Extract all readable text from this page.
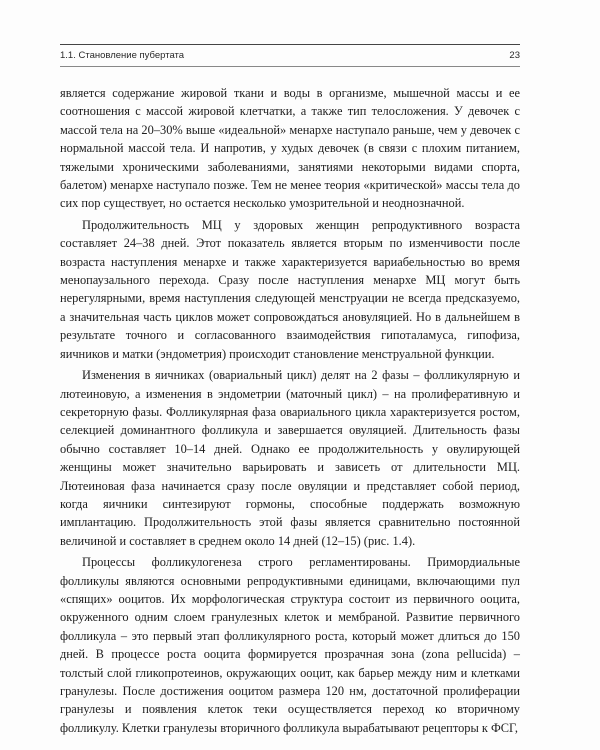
1.1. Становление пубертата	23

является содержание жировой ткани и воды в организме, мышечной массы и ее соотношения с массой жировой клетчатки, а также тип телосложения. У девочек с массой тела на 20–30% выше «идеальной» менархе наступало раньше, чем у девочек с нормальной массой тела. И напротив, у худых девочек (в связи с плохим питанием, тяжелыми хроническими заболеваниями, занятиями некоторыми видами спорта, балетом) менархе наступало позже. Тем не менее теория «критической» массы тела до сих пор существует, но остается несколько умозрительной и неоднозначной.

Продолжительность МЦ у здоровых женщин репродуктивного возраста составляет 24–38 дней. Этот показатель является вторым по изменчивости после возраста наступления менархе и также характеризуется вариабельностью во время менопаузального перехода. Сразу после наступления менархе МЦ могут быть нерегулярными, время наступления следующей менструации не всегда предсказуемо, а значительная часть циклов может сопровождаться ановуляцией. Но в дальнейшем в результате точного и согласованного взаимодействия гипоталамуса, гипофиза, яичников и матки (эндометрия) происходит становление менструальной функции.

Изменения в яичниках (овариальный цикл) делят на 2 фазы – фолликулярную и лютеиновую, а изменения в эндометрии (маточный цикл) – на пролиферативную и секреторную фазы. Фолликулярная фаза овариального цикла характеризуется ростом, селекцией доминантного фолликула и завершается овуляцией. Длительность фазы обычно составляет 10–14 дней. Однако ее продолжительность у овулирующей женщины может значительно варьировать и зависеть от длительности МЦ. Лютеиновая фаза начинается сразу после овуляции и представляет собой период, когда яичники синтезируют гормоны, способные поддержать возможную имплантацию. Продолжительность этой фазы является сравнительно постоянной величиной и составляет в среднем около 14 дней (12–15) (рис. 1.4).

Процессы фолликулогенеза строго регламентированы. Примордиальные фолликулы являются основными репродуктивными единицами, включающими пул «спящих» ооцитов. Их морфологическая структура состоит из первичного ооцита, окруженного одним слоем гранулезных клеток и мембраной. Развитие первичного фолликула – это первый этап фолликулярного роста, который может длиться до 150 дней. В процессе роста ооцита формируется прозрачная зона (zona pellucida) – толстый слой гликопротеинов, окружающих ооцит, как барьер между ним и клетками гранулезы. После достижения ооцитом размера 120 нм, достаточной пролиферации гранулезы и появления клеток теки осуществляется переход ко вторичному фолликулу. Клетки гранулезы вторичного фолликула вырабатывают рецепторы к ФСГ,
